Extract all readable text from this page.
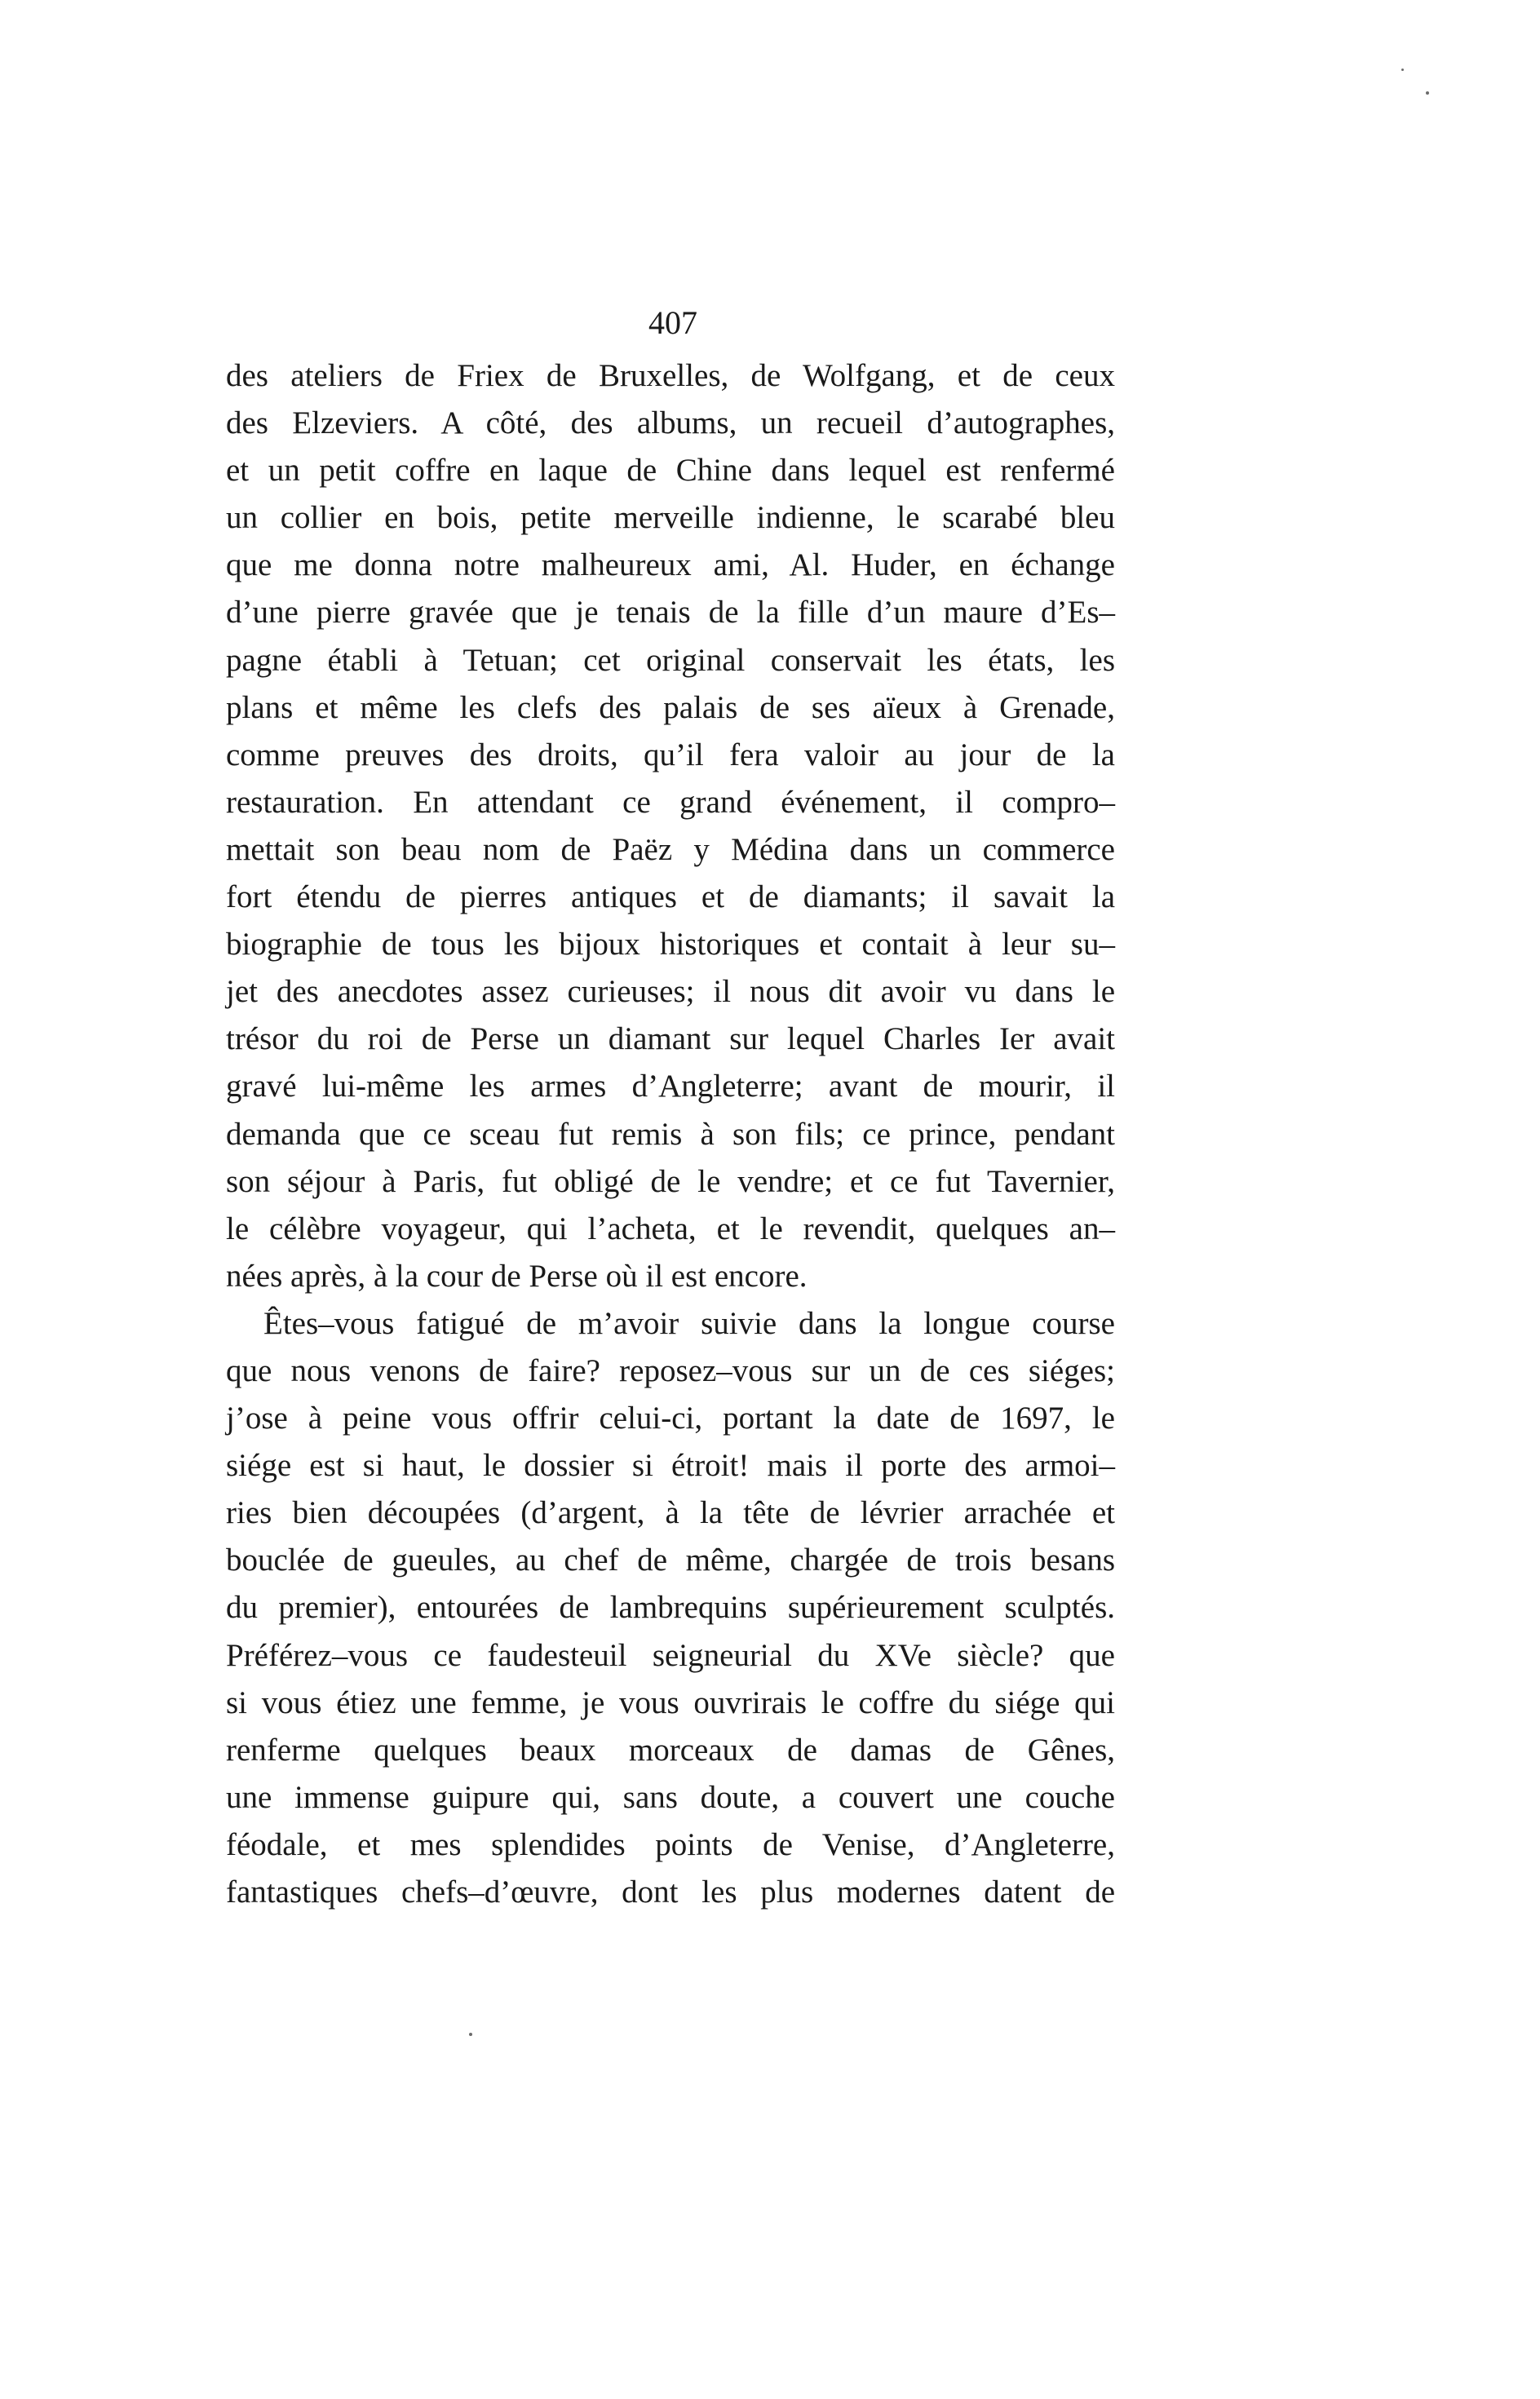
407
des ateliers de Friex de Bruxelles, de Wolfgang, et de ceux
des Elzeviers. A côté, des albums, un recueil d’autographes,
et un petit coffre en laque de Chine dans lequel est renfermé
un collier en bois, petite merveille indienne, le scarabé bleu
que me donna notre malheureux ami, Al. Huder, en échange
d’une pierre gravée que je tenais de la fille d’un maure d’Es–
pagne établi à Tetuan; cet original conservait les états, les
plans et même les clefs des palais de ses aïeux à Grenade,
comme preuves des droits, qu’il fera valoir au jour de la
restauration. En attendant ce grand événement, il compro–
mettait son beau nom de Paëz y Médina dans un commerce
fort étendu de pierres antiques et de diamants; il savait la
biographie de tous les bijoux historiques et contait à leur su–
jet des anecdotes assez curieuses; il nous dit avoir vu dans le
trésor du roi de Perse un diamant sur lequel Charles Ier avait
gravé lui-même les armes d’Angleterre; avant de mourir, il
demanda que ce sceau fut remis à son fils; ce prince, pendant
son séjour à Paris, fut obligé de le vendre; et ce fut Tavernier,
le célèbre voyageur, qui l’acheta, et le revendit, quelques an–
nées après, à la cour de Perse où il est encore.
Êtes–vous fatigué de m’avoir suivie dans la longue course
que nous venons de faire? reposez–vous sur un de ces siéges;
j’ose à peine vous offrir celui-ci, portant la date de 1697, le
siége est si haut, le dossier si étroit! mais il porte des armoi–
ries bien découpées (d’argent, à la tête de lévrier arrachée et
bouclée de gueules, au chef de même, chargée de trois besans
du premier), entourées de lambrequins supérieurement sculptés.
Préférez–vous ce faudesteuil seigneurial du XVe siècle? que
si vous étiez une femme, je vous ouvrirais le coffre du siége qui
renferme quelques beaux morceaux de damas de Gênes,
une immense guipure qui, sans doute, a couvert une couche
féodale, et mes splendides points de Venise, d’Angleterre,
fantastiques chefs–d’œuvre, dont les plus modernes datent de
